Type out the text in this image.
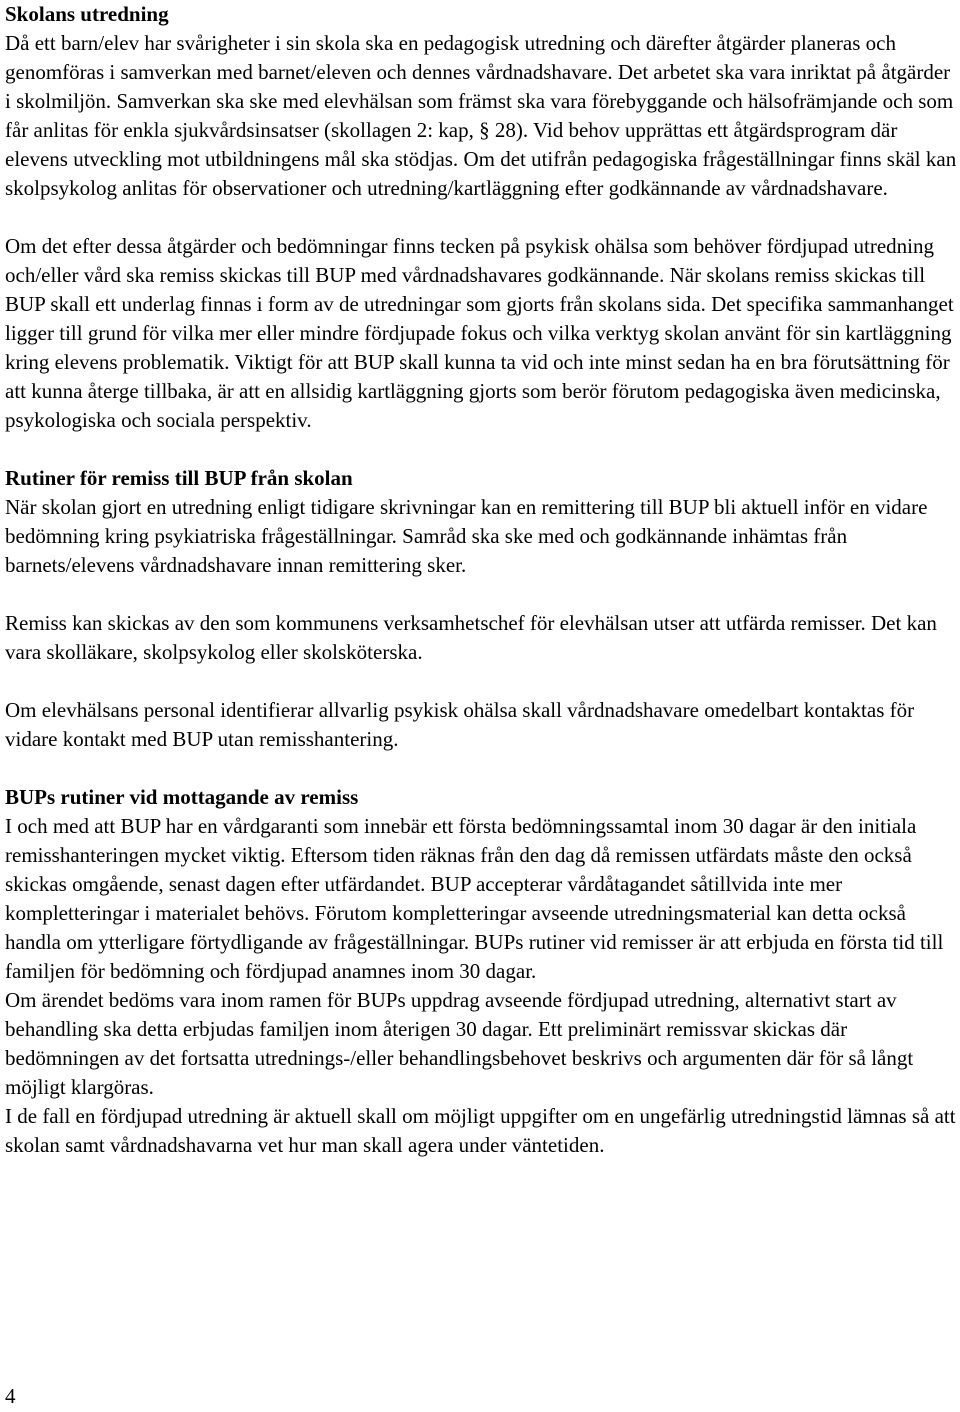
Skolans utredning

Då ett barn/elev har svårigheter i sin skola ska en pedagogisk utredning och därefter åtgärder planeras och genomföras i samverkan med barnet/eleven och dennes vårdnadshavare. Det arbetet ska vara inriktat på åtgärder i skolmiljön. Samverkan ska ske med elevhälsan som främst ska vara förebyggande och hälsofrämjande och som får anlitas för enkla sjukvårdsinsatser (skollagen 2: kap, § 28). Vid behov upprättas ett åtgärdsprogram där elevens utveckling mot utbildningens mål ska stödjas. Om det utifrån pedagogiska frågeställningar finns skäl kan skolpsykolog anlitas för observationer och utredning/kartläggning efter godkännande av vårdnadshavare.

Om det efter dessa åtgärder och bedömningar finns tecken på psykisk ohälsa som behöver fördjupad utredning och/eller vård ska remiss skickas till BUP med vårdnadshavares godkännande. När skolans remiss skickas till BUP skall ett underlag finnas i form av de utredningar som gjorts från skolans sida. Det specifika sammanhanget ligger till grund för vilka mer eller mindre fördjupade fokus och vilka verktyg skolan använt för sin kartläggning kring elevens problematik. Viktigt för att BUP skall kunna ta vid och inte minst sedan ha en bra förutsättning för att kunna återge tillbaka, är att en allsidig kartläggning gjorts som berör förutom pedagogiska även medicinska, psykologiska och sociala perspektiv.

Rutiner för remiss till BUP från skolan

När skolan gjort en utredning enligt tidigare skrivningar kan en remittering till BUP bli aktuell inför en vidare bedömning kring psykiatriska frågeställningar. Samråd ska ske med och godkännande inhämtas från barnets/elevens vårdnadshavare innan remittering sker.

Remiss kan skickas av den som kommunens verksamhetschef för elevhälsan utser att utfärda remisser. Det kan vara skolläkare, skolpsykolog eller skolsköterska.

Om elevhälsans personal identifierar allvarlig psykisk ohälsa skall vårdnadshavare omedelbart kontaktas för vidare kontakt med BUP utan remisshantering.

BUPs rutiner vid mottagande av remiss

I och med att BUP har en vårdgaranti som innebär ett första bedömningssamtal inom 30 dagar är den initiala remisshanteringen mycket viktig. Eftersom tiden räknas från den dag då remissen utfärdats måste den också skickas omgående, senast dagen efter utfärdandet. BUP accepterar vårdåtagandet såtillvida inte mer kompletteringar i materialet behövs. Förutom kompletteringar avseende utredningsmaterial kan detta också handla om ytterligare förtydligande av frågeställningar. BUPs rutiner vid remisser är att erbjuda en första tid till familjen för bedömning och fördjupad anamnes inom 30 dagar.

Om ärendet bedöms vara inom ramen för BUPs uppdrag avseende fördjupad utredning, alternativt start av behandling ska detta erbjudas familjen inom återigen 30 dagar. Ett preliminärt remissvar skickas där bedömningen av det fortsatta utrednings-/eller behandlingsbehovet beskrivs och argumenten där för så långt möjligt klargöras.

I de fall en fördjupad utredning är aktuell skall om möjligt uppgifter om en ungefärlig utredningstid lämnas så att skolan samt vårdnadshavarna vet hur man skall agera under väntetiden.

4
